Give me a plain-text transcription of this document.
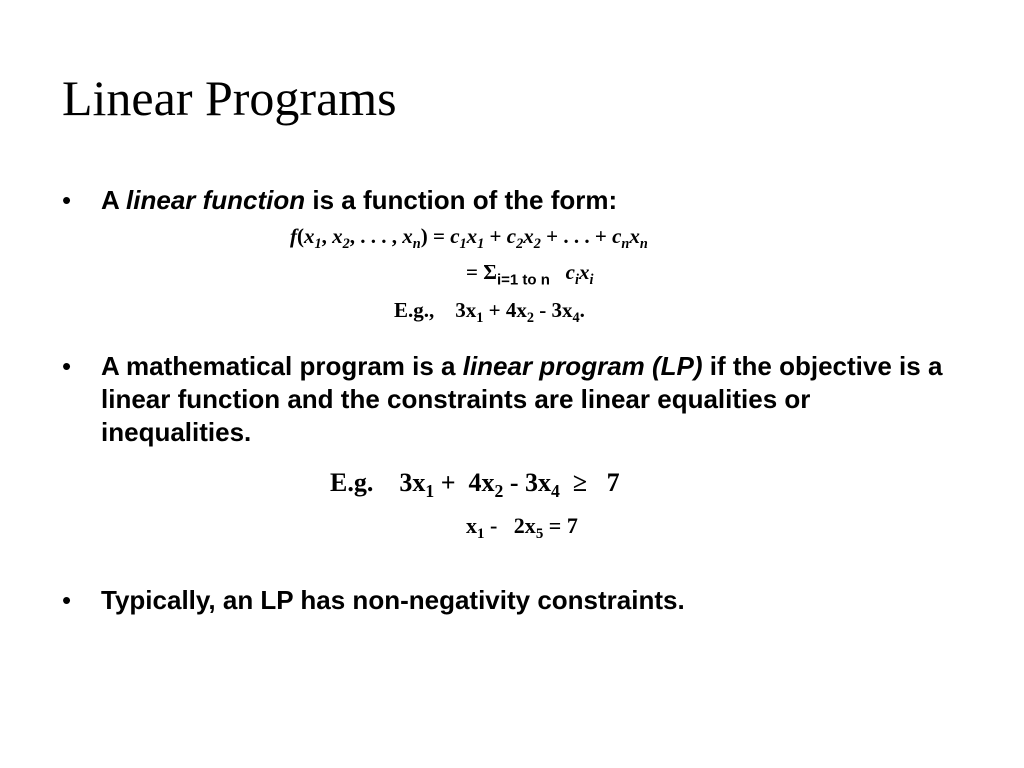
Linear Programs
• A linear function is a function of the form:
$f(x_1$, $x_2$, . . . , $x_n) = c_1x_1 + c_2x_2$ + . . . + $c_nx_n$
= $\Sigma_{i=1 to n}$ $c_ix_i$
E.g.,    $3x_1 + 4x_2 - 3x_4$.
• A mathematical program is a linear program (LP) if the objective is a linear function and the constraints are linear equalities or inequalities.
E.g.    $3x_1 + 4x_2 - 3x_4 \ge 7$
$x_1 - 2x_5 = 7$
• Typically, an LP has non-negativity constraints.
